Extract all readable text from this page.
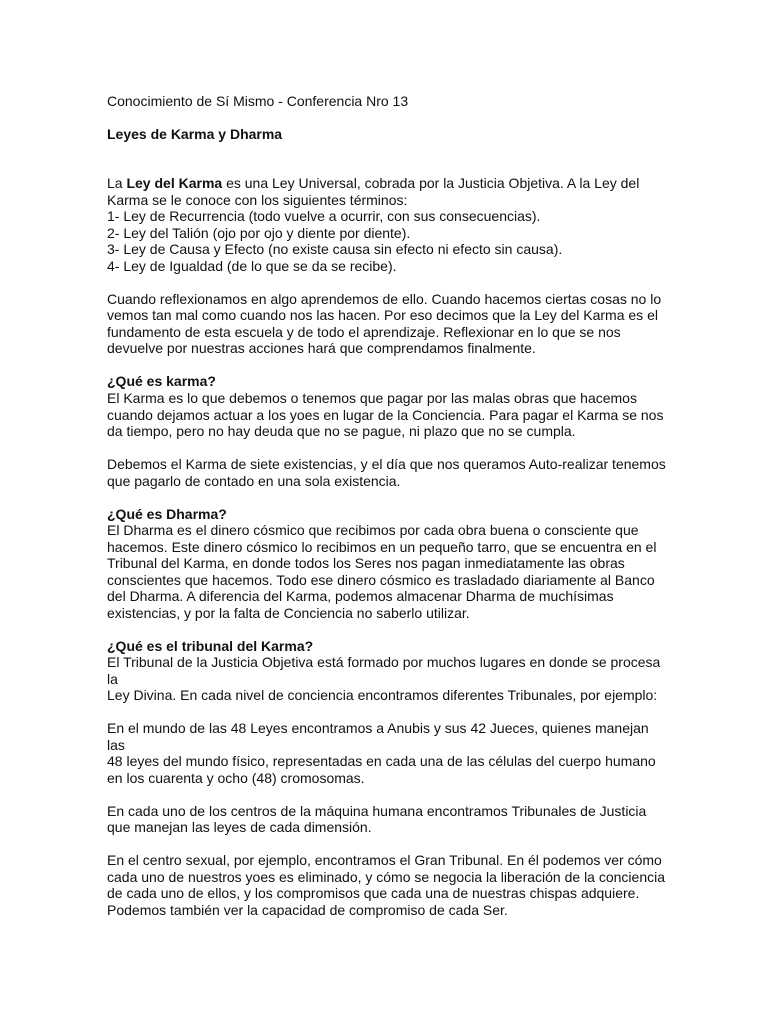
Conocimiento de Sí Mismo - Conferencia Nro 13
Leyes de Karma y Dharma
La Ley del Karma es una Ley Universal, cobrada por la Justicia Objetiva. A la Ley del
Karma se le conoce con los siguientes términos:
1- Ley de Recurrencia (todo vuelve a ocurrir, con sus consecuencias).
2- Ley del Talión (ojo por ojo y diente por diente).
3- Ley de Causa y Efecto (no existe causa sin efecto ni efecto sin causa).
4- Ley de Igualdad (de lo que se da se recibe).
Cuando reflexionamos en algo aprendemos de ello. Cuando hacemos ciertas cosas no lo
vemos tan mal como cuando nos las hacen. Por eso decimos que la Ley del Karma es el
fundamento de esta escuela y de todo el aprendizaje. Reflexionar en lo que se nos
devuelve por nuestras acciones hará que comprendamos finalmente.
¿Qué es karma?
El Karma es lo que debemos o tenemos que pagar por las malas obras que hacemos
cuando dejamos actuar a los yoes en lugar de la Conciencia. Para pagar el Karma se nos
da tiempo, pero no hay deuda que no se pague, ni plazo que no se cumpla.
Debemos el Karma de siete existencias, y el día que nos queramos Auto-realizar tenemos
que pagarlo de contado en una sola existencia.
¿Qué es Dharma?
El Dharma es el dinero cósmico que recibimos por cada obra buena o consciente que
hacemos. Este dinero cósmico lo recibimos en un pequeño tarro, que se encuentra en el
Tribunal del Karma, en donde todos los Seres nos pagan inmediatamente las obras
conscientes que hacemos. Todo ese dinero cósmico es trasladado diariamente al Banco
del Dharma. A diferencia del Karma, podemos almacenar Dharma de muchísimas
existencias, y por la falta de Conciencia no saberlo utilizar.
¿Qué es el tribunal del Karma?
El Tribunal de la Justicia Objetiva está formado por muchos lugares en donde se procesa
la
Ley Divina. En cada nivel de conciencia encontramos diferentes Tribunales, por ejemplo:
En el mundo de las 48 Leyes encontramos a Anubis y sus 42 Jueces, quienes manejan
las
48 leyes del mundo físico, representadas en cada una de las células del cuerpo humano
en los cuarenta y ocho (48) cromosomas.
En cada uno de los centros de la máquina humana encontramos Tribunales de Justicia
que manejan las leyes de cada dimensión.
En el centro sexual, por ejemplo, encontramos el Gran Tribunal. En él podemos ver cómo
cada uno de nuestros yoes es eliminado, y cómo se negocia la liberación de la conciencia
de cada uno de ellos, y los compromisos que cada una de nuestras chispas adquiere.
Podemos también ver la capacidad de compromiso de cada Ser.
